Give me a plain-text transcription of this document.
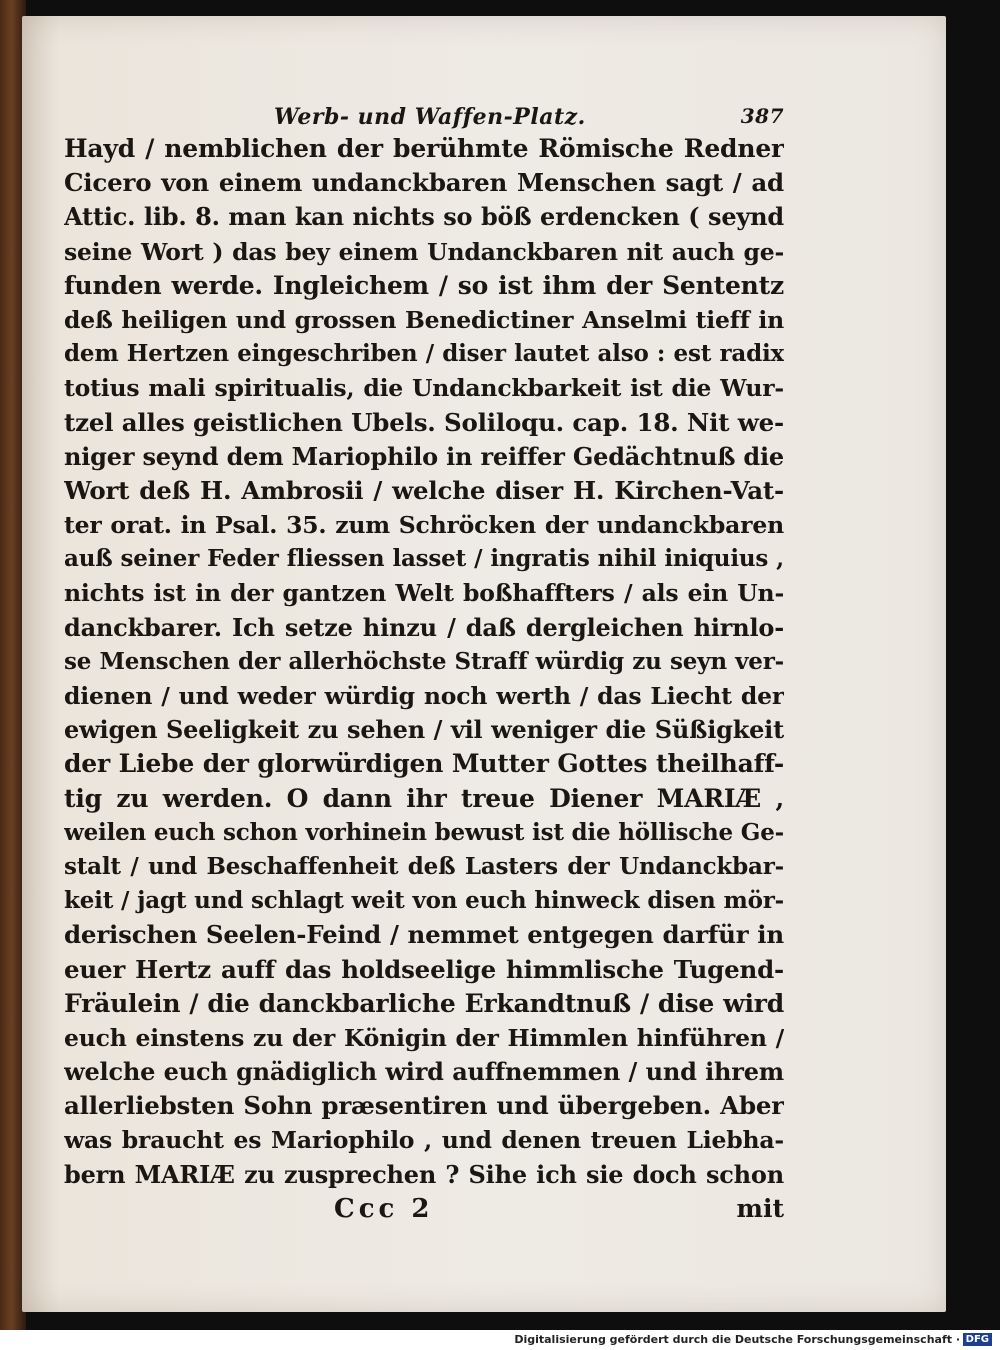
Werb- und Waffen-Platz.	387
Hayd / nemblichen der berühmte Römische Redner
Cicero von einem undanckbaren Menschen sagt / ad
Attic. lib. 8. man kan nichts so böß erdencken ( seynd
seine Wort ) das bey einem Undanckbaren nit auch ge-
funden werde. Ingleichem / so ist ihm der Sententz
deß heiligen und grossen Benedictiner Anselmi tieff in
dem Hertzen eingeschriben / diser lautet also : est radix
totius mali spiritualis, die Undanckbarkeit ist die Wur-
tzel alles geistlichen Ubels. Soliloqu. cap. 18. Nit we-
niger seynd dem Mariophilo in reiffer Gedächtnuß die
Wort deß H. Ambrosii / welche diser H. Kirchen-Vat-
ter orat. in Psal. 35. zum Schröcken der undanckbaren
auß seiner Feder fliessen lasset / ingratis nihil iniquius ,
nichts ist in der gantzen Welt boßhaffters / als ein Un-
danckbarer. Ich setze hinzu / daß dergleichen hirnlo-
se Menschen der allerhöchste Straff würdig zu seyn ver-
dienen / und weder würdig noch werth / das Liecht der
ewigen Seeligkeit zu sehen / vil weniger die Süßigkeit
der Liebe der glorwürdigen Mutter Gottes theilhaff-
tig zu werden. O dann ihr treue Diener MARIÆ ,
weilen euch schon vorhinein bewust ist die höllische Ge-
stalt / und Beschaffenheit deß Lasters der Undanckbar-
keit / jagt und schlagt weit von euch hinweck disen mör-
derischen Seelen-Feind / nemmet entgegen darfür in
euer Hertz auff das holdseelige himmlische Tugend-
Fräulein / die danckbarliche Erkandtnuß / dise wird
euch einstens zu der Königin der Himmlen hinführen /
welche euch gnädiglich wird auffnemmen / und ihrem
allerliebsten Sohn præsentiren und übergeben. Aber
was braucht es Mariophilo , und denen treuen Liebha-
bern MARIÆ zu zusprechen ? Sihe ich sie doch schon
Ccc 2	mit
Digitalisierung gefördert durch die Deutsche Forschungsgemeinschaft · DFG
